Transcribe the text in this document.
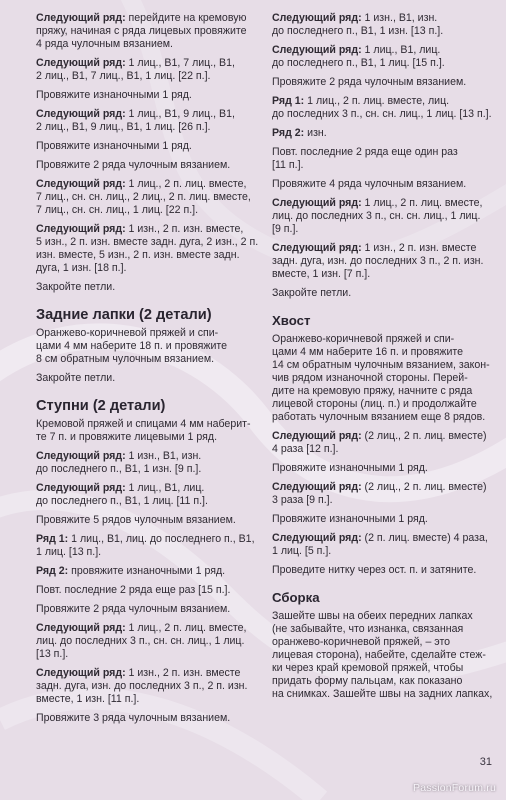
Следующий ряд: перейдите на кремовую
пряжу, начиная с ряда лицевых провяжите
4 ряда чулочным вязанием.
Следующий ряд: 1 лиц., В1, 7 лиц., В1,
2 лиц., В1, 7 лиц., В1, 1 лиц. [22 п.].
Провяжите изнаночными 1 ряд.
Следующий ряд: 1 лиц., В1, 9 лиц., В1,
2 лиц., В1, 9 лиц., В1, 1 лиц. [26 п.].
Провяжите изнаночными 1 ряд.
Провяжите 2 ряда чулочным вязанием.
Следующий ряд: 1 лиц., 2 п. лиц. вместе,
7 лиц., сн. сн. лиц., 2 лиц., 2 п. лиц. вместе,
7 лиц., сн. сн. лиц., 1 лиц. [22 п.].
Следующий ряд: 1 изн., 2 п. изн. вместе,
5 изн., 2 п. изн. вместе задн. дуга, 2 изн., 2 п.
изн. вместе, 5 изн., 2 п. изн. вместе задн.
дуга, 1 изн. [18 п.].
Закройте петли.
Задние лапки (2 детали)
Оранжево-коричневой пряжей и спи-
цами 4 мм наберите 18 п. и провяжите
8 см обратным чулочным вязанием.
Закройте петли.
Ступни (2 детали)
Кремовой пряжей и спицами 4 мм наберит-
те 7 п. и провяжите лицевыми 1 ряд.
Следующий ряд: 1 изн., В1, изн.
до последнего п., В1, 1 изн. [9 п.].
Следующий ряд: 1 лиц., В1, лиц.
до последнего п., В1, 1 лиц. [11 п.].
Провяжите 5 рядов чулочным вязанием.
Ряд 1: 1 лиц., В1, лиц. до последнего п., В1,
1 лиц. [13 п.].
Ряд 2: провяжите изнаночными 1 ряд.
Повт. последние 2 ряда еще раз [15 п.].
Провяжите 2 ряда чулочным вязанием.
Следующий ряд: 1 лиц., 2 п. лиц. вместе,
лиц. до последних 3 п., сн. сн. лиц., 1 лиц.
[13 п.].
Следующий ряд: 1 изн., 2 п. изн. вместе
задн. дуга, изн. до последних 3 п., 2 п. изн.
вместе, 1 изн. [11 п.].
Провяжите 3 ряда чулочным вязанием.
Следующий ряд: 1 изн., В1, изн.
до последнего п., В1, 1 изн. [13 п.].
Следующий ряд: 1 лиц., В1, лиц.
до последнего п., В1, 1 лиц. [15 п.].
Провяжите 2 ряда чулочным вязанием.
Ряд 1: 1 лиц., 2 п. лиц. вместе, лиц.
до последних 3 п., сн. сн. лиц., 1 лиц. [13 п.].
Ряд 2: изн.
Повт. последние 2 ряда еще один раз
[11 п.].
Провяжите 4 ряда чулочным вязанием.
Следующий ряд: 1 лиц., 2 п. лиц. вместе,
лиц. до последних 3 п., сн. сн. лиц., 1 лиц.
[9 п.].
Следующий ряд: 1 изн., 2 п. изн. вместе
задн. дуга, изн. до последних 3 п., 2 п. изн.
вместе, 1 изн. [7 п.].
Закройте петли.
Хвост
Оранжево-коричневой пряжей и спи-
цами 4 мм наберите 16 п. и провяжите
14 см обратным чулочным вязанием, закон-
чив рядом изнаночной стороны. Перей-
дите на кремовую пряжу, начните с ряда
лицевой стороны (лиц. п.) и продолжайте
работать чулочным вязанием еще 8 рядов.
Следующий ряд: (2 лиц., 2 п. лиц. вместе)
4 раза [12 п.].
Провяжите изнаночными 1 ряд.
Следующий ряд: (2 лиц., 2 п. лиц. вместе)
3 раза [9 п.].
Провяжите изнаночными 1 ряд.
Следующий ряд: (2 п. лиц. вместе) 4 раза,
1 лиц. [5 п.].
Проведите нитку через ост. п. и затяните.
Сборка
Зашейте швы на обеих передних лапках
(не забывайте, что изнанка, связанная
оранжево-коричневой пряжей, – это
лицевая сторона), набейте, сделайте стеж-
ки через край кремовой пряжей, чтобы
придать форму пальцам, как показано
на снимках. Зашейте швы на задних лапках,
31
PassionForum.ru
